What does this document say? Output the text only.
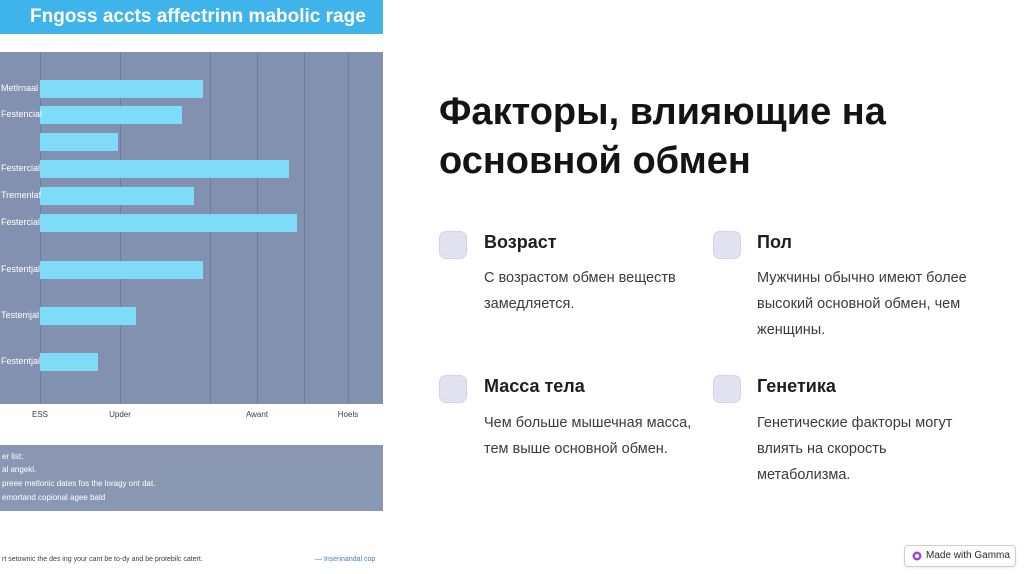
Fngoss accts affectrinn mabolic rage
Metlrnaal
Festencial
Festercial
Tremenlaf
Festercial
Festentjal
Testemjal
Festentjal
ESS	Upder	Awant	Hoels
er list;
al angekl.
preee metlonic dates fos the loragy ont dat.
emortand copional agee bald
rt setownic the des ing your cant be to-dy and be protebilc catert.	— Inserinandal cop
Факторы, влияющие на основной обмен
Возраст
С возрастом обмен веществ замедляется.
Пол
Мужчины обычно имеют более высокий основной обмен, чем женщины.
Масса тела
Чем больше мышечная масса, тем выше основной обмен.
Генетика
Генетические факторы могут влиять на скорость метаболизма.
Made with Gamma
